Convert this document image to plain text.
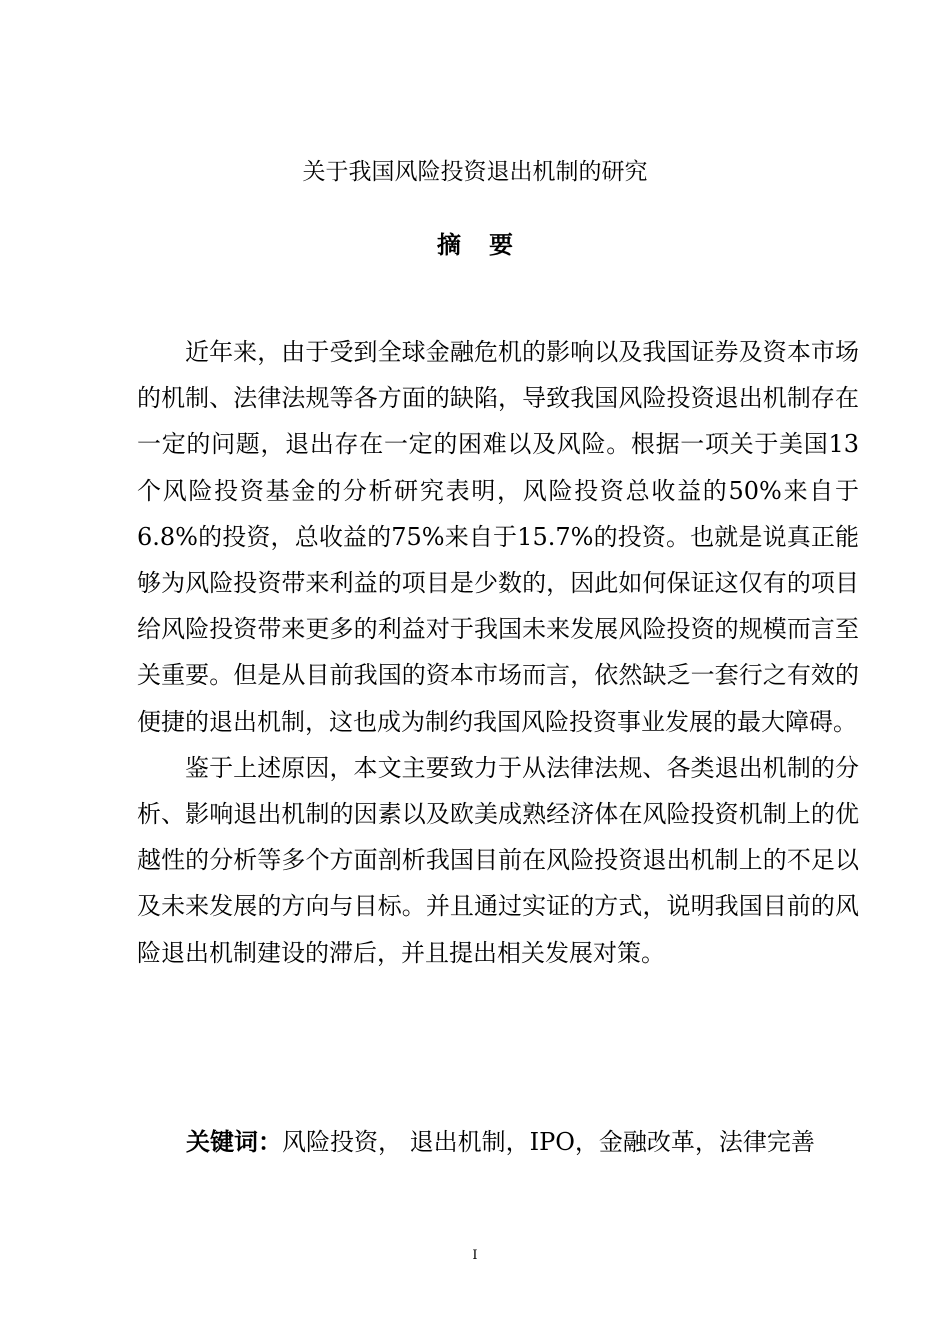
关于我国风险投资退出机制的研究
摘 要

近年来，由于受到全球金融危机的影响以及我国证券及资本市场的机制、法律法规等各方面的缺陷，导致我国风险投资退出机制存在一定的问题，退出存在一定的困难以及风险。根据一项关于美国13个风险投资基金的分析研究表明，风险投资总收益的50%来自于6.8%的投资，总收益的75%来自于15.7%的投资。也就是说真正能够为风险投资带来利益的项目是少数的，因此如何保证这仅有的项目给风险投资带来更多的利益对于我国未来发展风险投资的规模而言至关重要。但是从目前我国的资本市场而言，依然缺乏一套行之有效的便捷的退出机制，这也成为制约我国风险投资事业发展的最大障碍。

鉴于上述原因，本文主要致力于从法律法规、各类退出机制的分析、影响退出机制的因素以及欧美成熟经济体在风险投资机制上的优越性的分析等多个方面剖析我国目前在风险投资退出机制上的不足以及未来发展的方向与目标。并且通过实证的方式，说明我国目前的风险退出机制建设的滞后，并且提出相关发展对策。

关键词：风险投资， 退出机制，IPO，金融改革，法律完善
I
